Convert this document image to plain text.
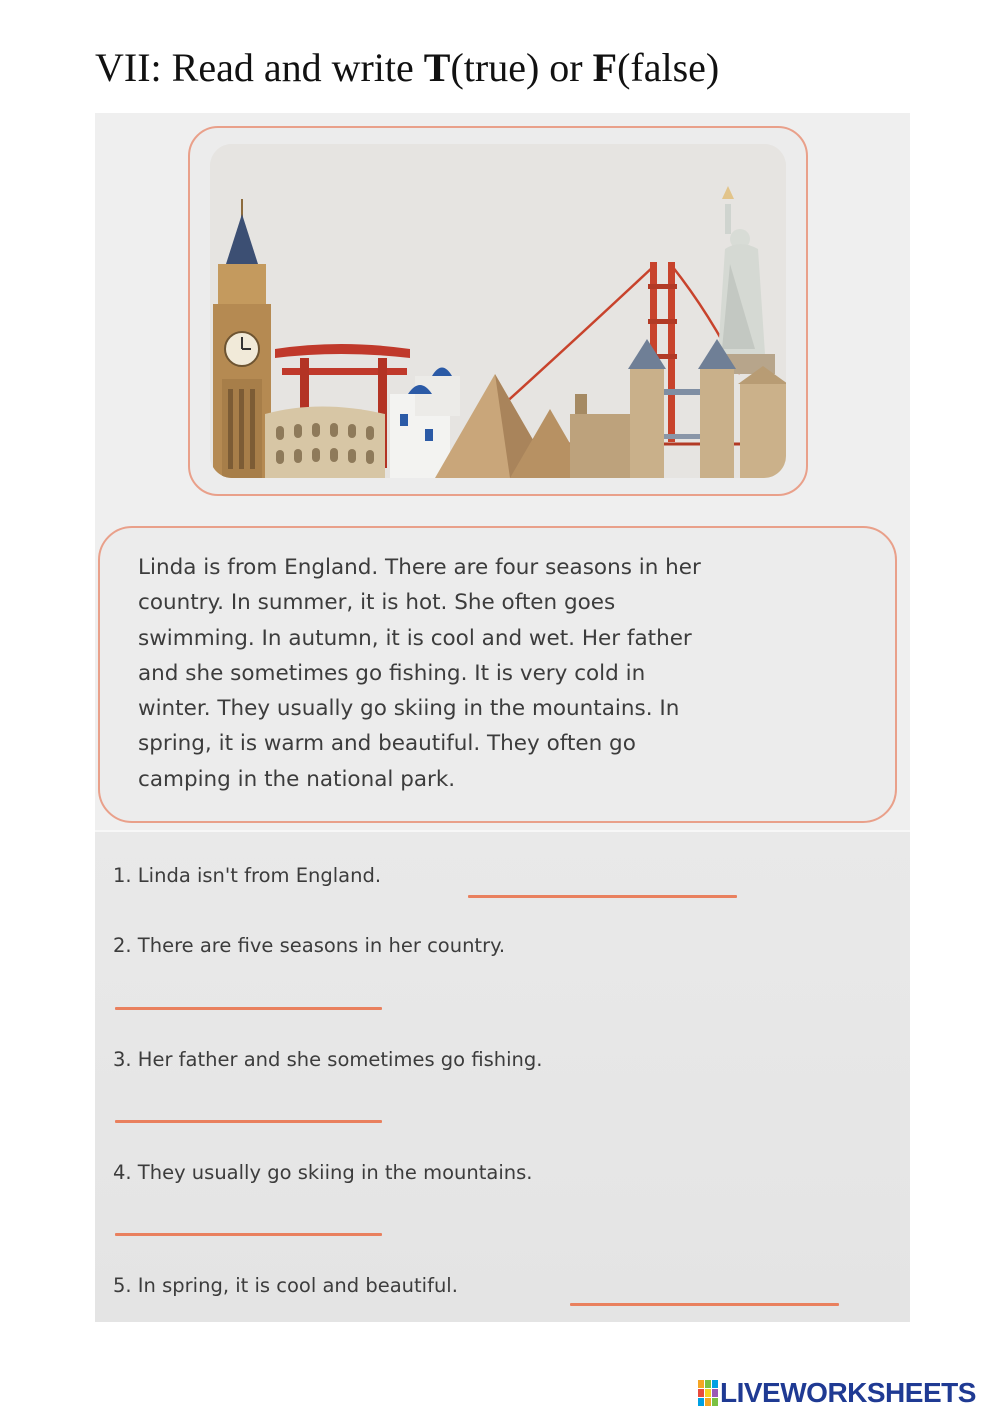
VII: Read and write T(true) or F(false)
Linda is from England. There are four seasons in her
country. In summer, it is hot. She often goes
swimming. In autumn, it is cool and wet. Her father
and she sometimes go fishing. It is very cold in
winter. They usually go skiing in the mountains. In
spring, it is warm and beautiful. They often go
camping in the national park.
1. Linda isn't from England.
2. There are five seasons in her country.
3. Her father and she sometimes go fishing.
4. They usually go skiing in the mountains.
5. In spring, it is cool and beautiful.
LIVEWORKSHEETS
